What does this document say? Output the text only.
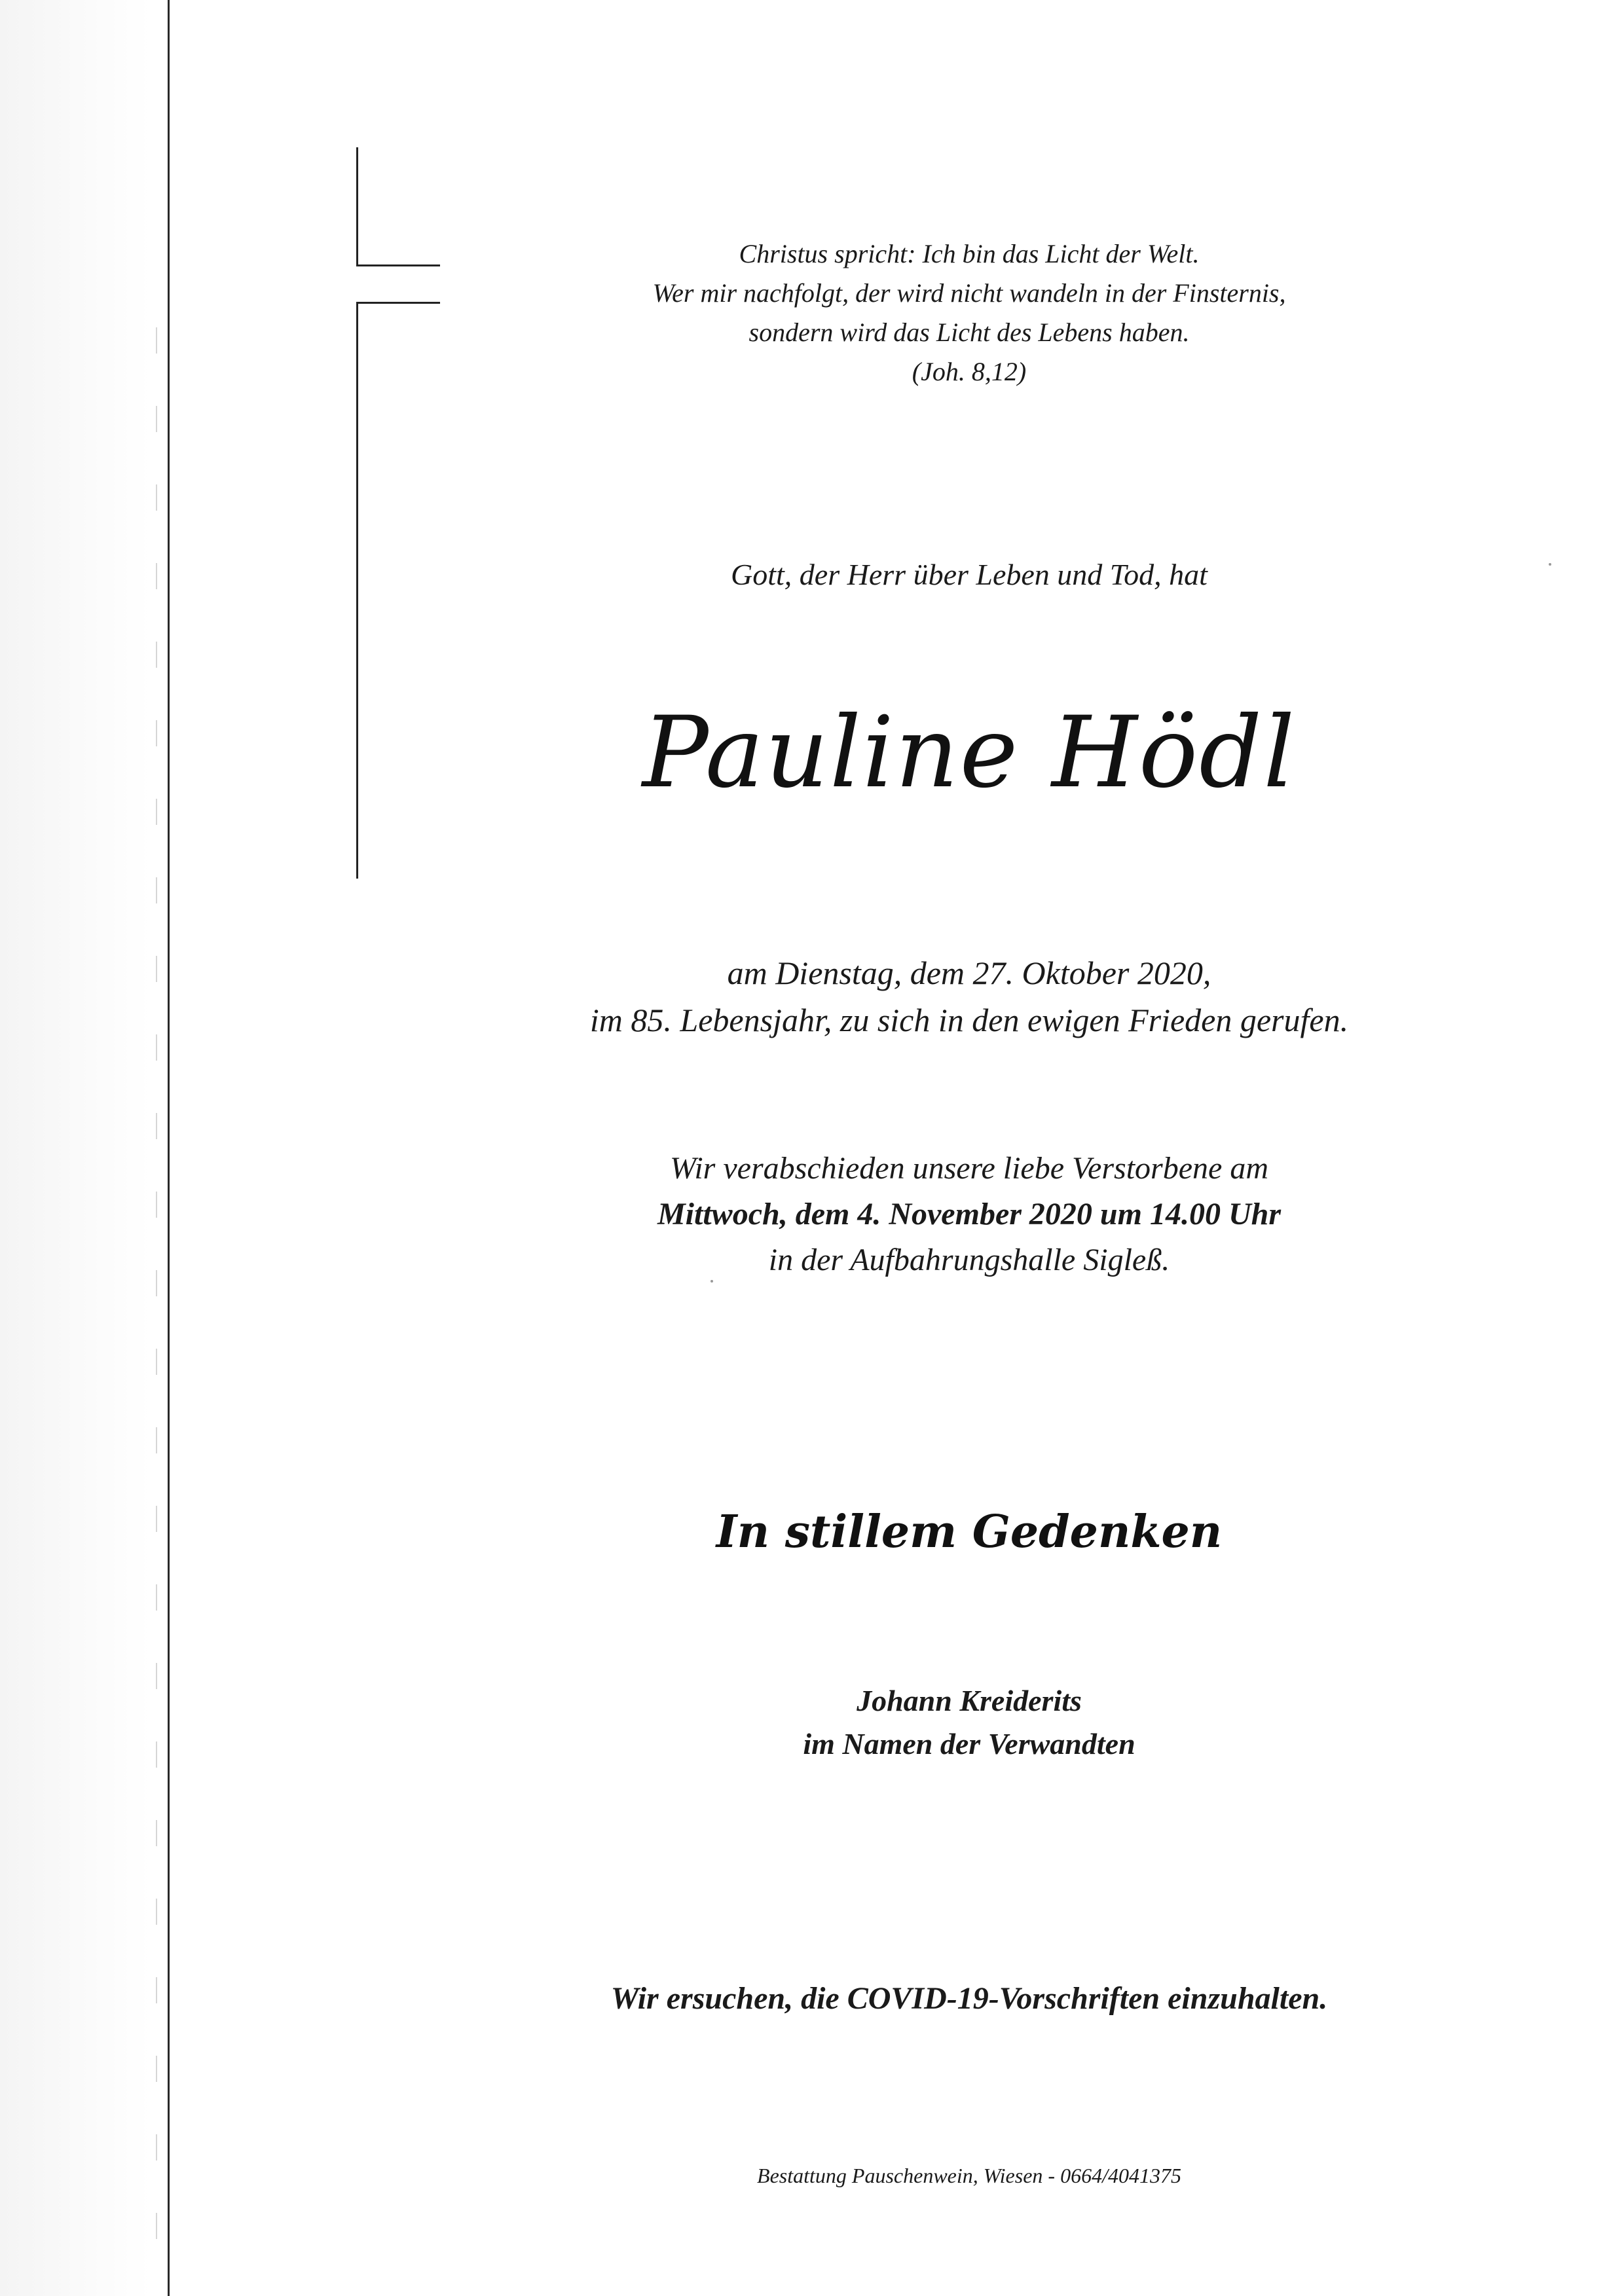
Christus spricht: Ich bin das Licht der Welt.
Wer mir nachfolgt, der wird nicht wandeln in der Finsternis,
sondern wird das Licht des Lebens haben.
(Joh. 8,12)
Gott, der Herr über Leben und Tod, hat
Pauline Hödl
am Dienstag, dem 27. Oktober 2020,
im 85. Lebensjahr, zu sich in den ewigen Frieden gerufen.
Wir verabschieden unsere liebe Verstorbene am
Mittwoch, dem 4. November 2020 um 14.00 Uhr
in der Aufbahrungshalle Sigleß.
In stillem Gedenken
Johann Kreiderits
im Namen der Verwandten
Wir ersuchen, die COVID-19-Vorschriften einzuhalten.
Bestattung Pauschenwein, Wiesen - 0664/4041375
